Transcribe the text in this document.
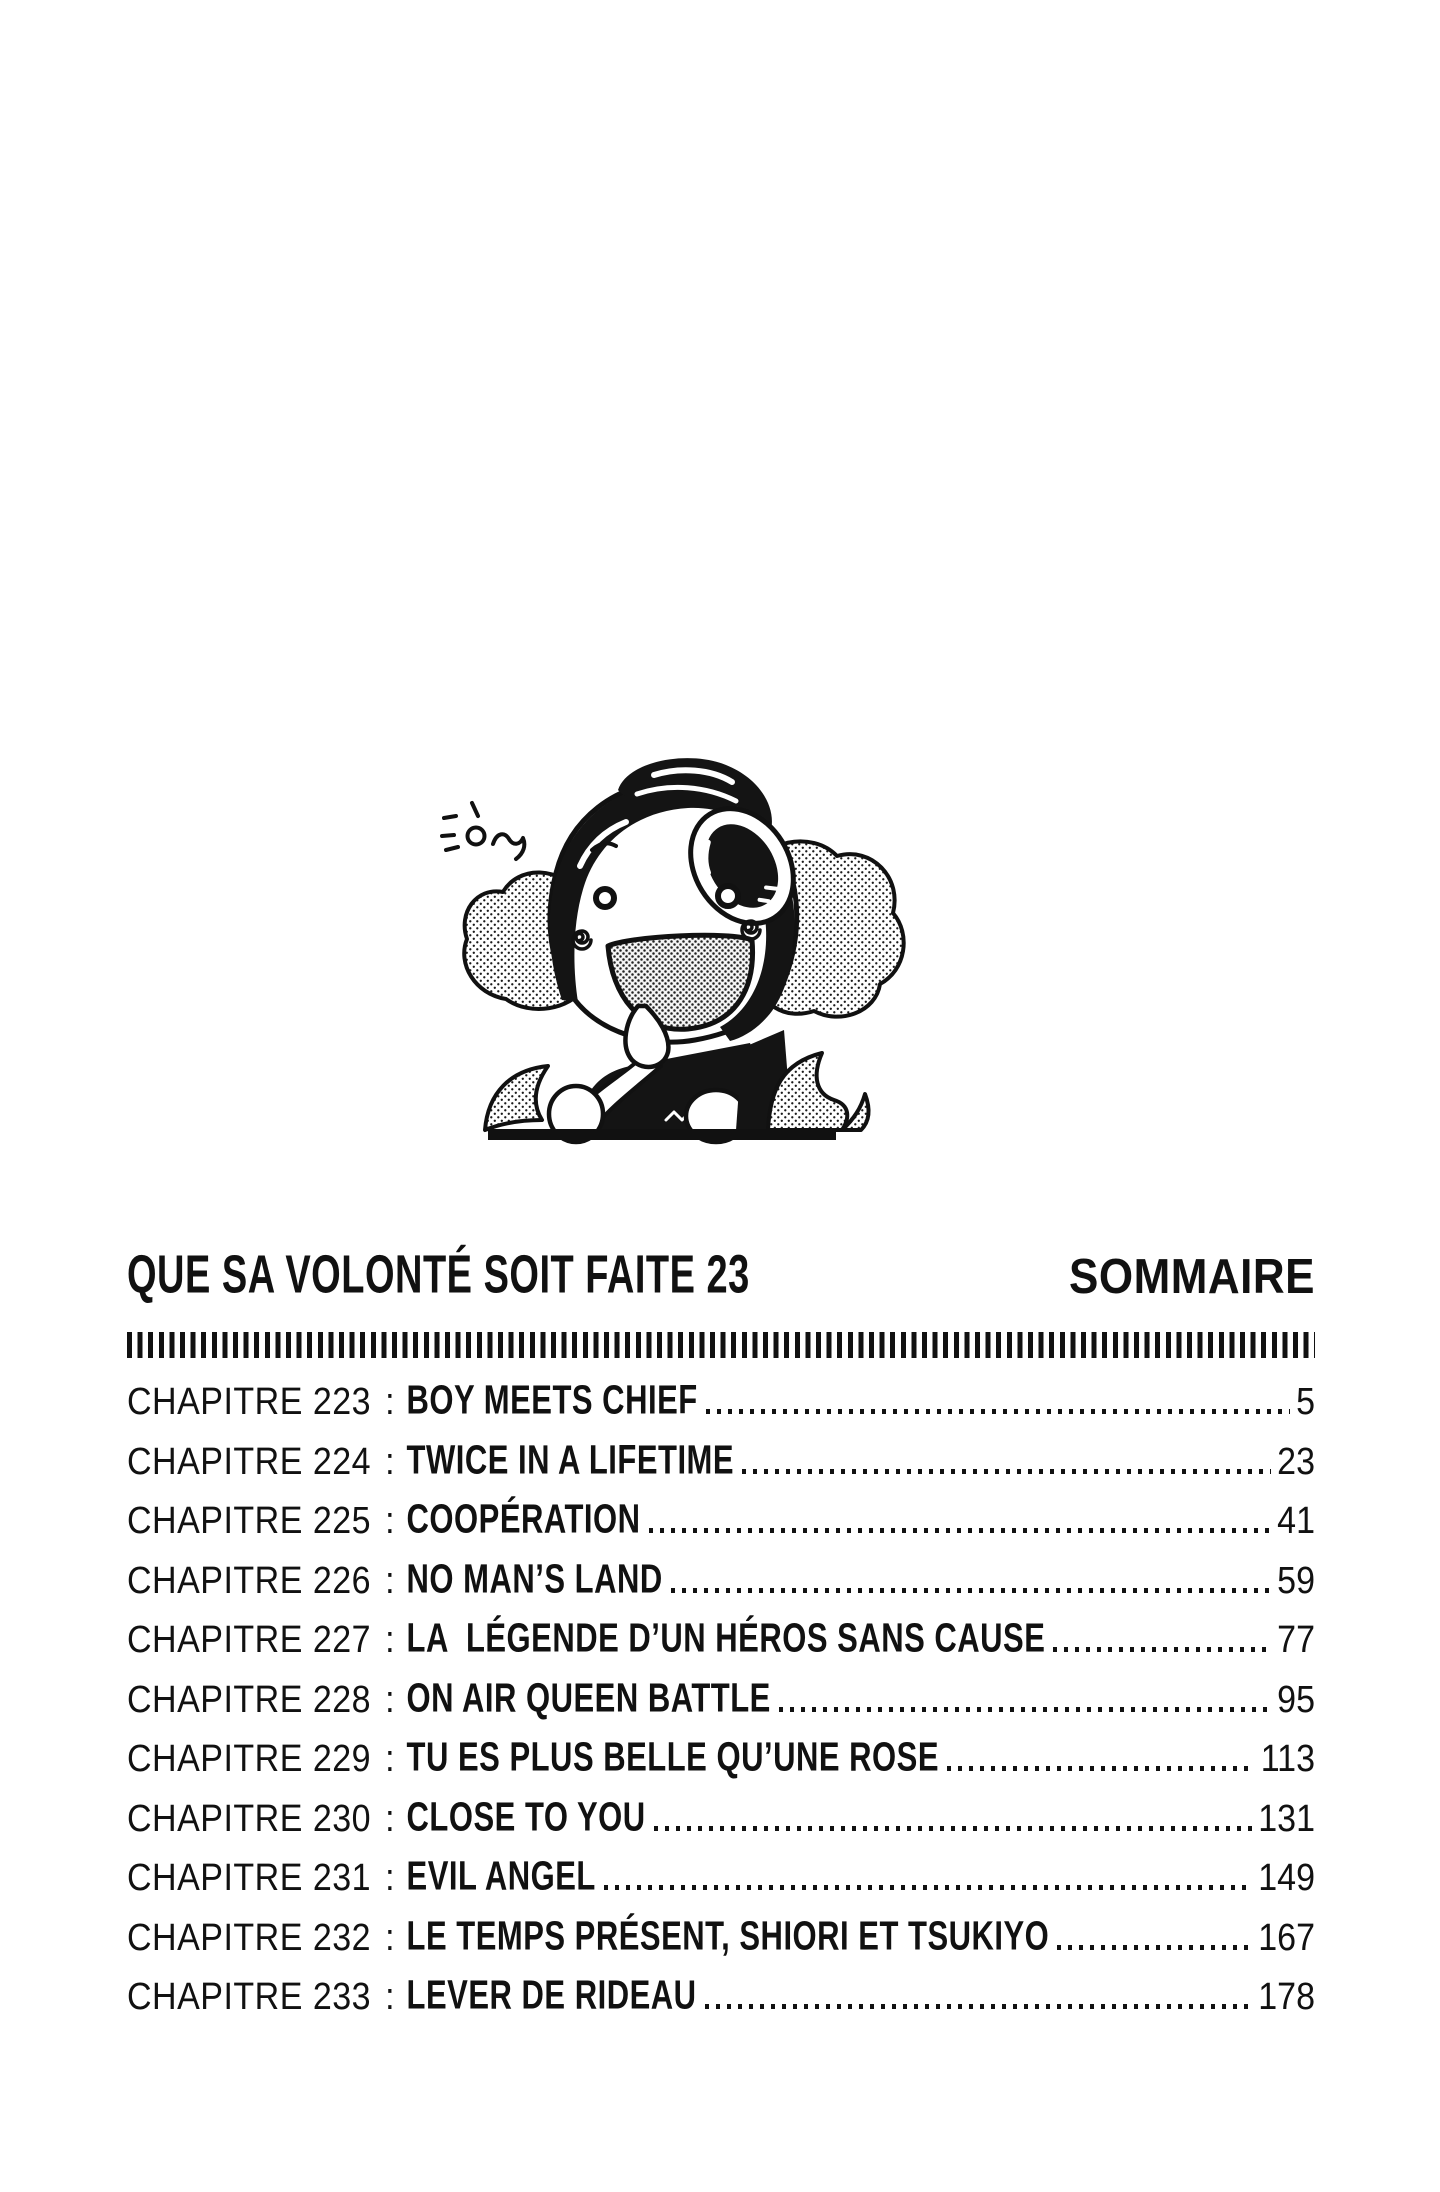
QUE SA VOLONTÉ SOIT FAITE 23	SOMMAIRE
CHAPITRE 223 : BOY MEETS CHIEF	5
CHAPITRE 224 : TWICE IN A LIFETIME	23
CHAPITRE 225 : COOPÉRATION	41
CHAPITRE 226 : NO MAN’S LAND	59
CHAPITRE 227 : LA  LÉGENDE D’UN HÉROS SANS CAUSE	77
CHAPITRE 228 : ON AIR QUEEN BATTLE	95
CHAPITRE 229 : TU ES PLUS BELLE QU’UNE ROSE	113
CHAPITRE 230 : CLOSE TO YOU	131
CHAPITRE 231 : EVIL ANGEL	149
CHAPITRE 232 : LE TEMPS PRÉSENT, SHIORI ET TSUKIYO	167
CHAPITRE 233 : LEVER DE RIDEAU	178
